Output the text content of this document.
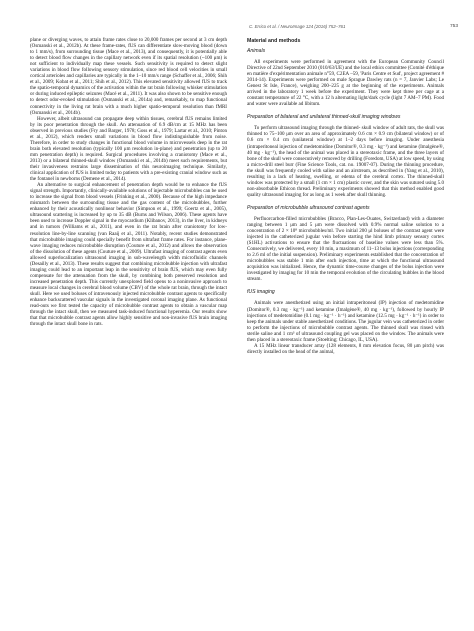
C. Errico et al. / NeuroImage 124 (2016) 752–761	753

plane or diverging waves, to attain frame rates close to 20,000 frames per second at 3 cm depth (Osmanski et al., 2012b). At these frame-rates, fUS can differentiate slow-moving blood (down to 1 mm/s), from surrounding tissue (Mace et al., 2013), and consequently, it is potentially able to detect blood flow changes in the capillary network even if its spatial resolution (~100 μm) is not sufficient to individually map these vessels. Such sensitivity is required to detect slight variations in blood flow following sensory stimulation, since red blood cell velocities in small cortical arterioles and capillaries are typically in the 1–10 mm/s range (Schaffer et al., 2006; Shih et al., 2009; Kobat et al., 2011; Shih et al., 2012). This elevated sensitivity allowed fUS to track the spatio-temporal dynamics of the activation within the rat brain following whisker stimulation or during induced epileptic seizures (Macé et al., 2011). It was also shown to be sensitive enough to detect odor-evoked stimulation (Osmanski et al., 2014a) and, remarkably, to map functional connectivity in the living rat brain with a much higher spatio-temporal resolution than fMRI (Osmanski et al., 2014b).

However, albeit ultrasound can propagate deep within tissues, cerebral fUS remains limited by its poor penetration through the skull. An attenuation of 6.9 dB/cm at 15 MHz has been observed in previous studies (Fry and Barger, 1978; Goss et al., 1979; Lartar et al., 2010; Pinton et al., 2012), which renders small variations in blood flow indistinguishable from noise. Therefore, in order to study changes in functional blood volume in microvessels deep in the rat brain both elevated resolution (typically 100 μm resolution in-plane) and penetration (up to 20 mm penetration depth) is required. Surgical procedures involving a craniotomy (Mace et al., 2013) or a bilateral thinned-skull window (Osmanski et al., 2014b) meet such requirements, but their invasiveness restrains large dissemination of this neuroimaging technique. Similarly, clinical application of fUS is limited today to patients with a pre-existing cranial window such as the fontanel in newborns (Demene et al., 2014).

An alternative to surgical enhancement of penetration depth would be to enhance the fUS signal strength. Importantly, clinically-available solutions of injectable microbubbles can be used to increase the signal from blood vessels (Frinking et al., 2000). Because of the high impedance mismatch between the surrounding tissue and the gas content of the microbubbles, further enhanced by their acoustically nonlinear behavior (Simpson et al., 1999; Goertz et al., 2005), ultrasound scattering is increased by up to 35 dB (Burns and Wilson, 2006). These agents have been used to increase Doppler signal in the myocardium (Klibanov, 2013), in the liver, in kidneys and in tumors (Williams et al., 2011), and even in the rat brain after craniotomy for low-resolution line-by-line scanning (van Raaij et al., 2011). Notably, recent studies demonstrated that microbubble imaging could specially benefit from ultrafast frame rates. For instance, plane-wave imaging reduces microbubble disruption (Couture et al., 2012) and allows the observation of the dissolution of these agents (Couture et al., 2009). Ultrafast imaging of contrast agents even allowed superlocalization ultrasound imaging in sub-wavelength width microfluidic channels (Desailly et al., 2013). These results suggest that combining microbubble injection with ultrafast imaging could lead to an important leap in the sensitivity of brain fUS, which may even fully compensate for the attenuation from the skull, by combining both preserved resolution and increased penetration depth. This currently unexplored field opens to a noninvasive approach to measure local changes in cerebral blood volume (CBV) of the whole rat brain, through the intact skull. Here we used boluses of intravenously injected microbubble contrast agents to specifically enhance backscattered vascular signals in the investigated coronal imaging plane. As functional read-outs we first tested the capacity of microbubble contrast agents to obtain a vascular map through the intact skull, then we measured task-induced functional hyperemia. Our results show that that microbubble contrast agents allow highly sensitive and non-invasive fUS brain imaging through the intact skull bone in rats.

Material and methods
Animals

All experiments were performed in agreement with the European Community Council Directive of 22nd September 2010 (010/63/UE) and the local ethics committee (Comité d'éthique en matière d'expérimentation animale n°59, C2EA –59, 'Paris Centre et Sud', project agreement # 2014-14). Experiments were performed on male Sprague Dawley rats (n = 7, Janvier Labs; Le Genest St Isle, France), weighing 200–225 g at the beginning of the experiments. Animals arrived in the laboratory 1 week before the experiment. They were kept three per cage at a constant temperature of 22 °C, with a 12 h alternating light/dark cycle (light 7 AM–7 PM). Food and water were available ad libitum.

Preparation of bilateral and unilateral thinned-skull imaging windows

To perform ultrasound imaging through the thinned- skull window of adult rats, the skull was thinned to 75–100 μm over an area of approximately 0.6 cm × 0.9 cm (bilateral window) or of 0.6 cm × 0.4 cm (unilateral window) at 1–2 days before imaging. Under anesthesia (intraperitoneal injection of medetomidine (Domitor®, 0.3 mg · kg⁻¹) and ketamine (Imalgène®, 40 mg · kg⁻¹), the head of the animal was placed in a stereotaxic frame, and the three layers of bone of the skull were consecutively removed by drilling (Foredom, USA) at low speed, by using a micro-drill steel burr (Fine Science Tools, cat. no. 19007-07). During the thinning procedure, the skull was frequently cooled with saline and an airstream, as described in (Yang et al., 2010), resulting in a lack of heating, swelling, or edema of the cerebral cortex. The thinned-skull window was protected by a small (1 cm × 1 cm) plastic cover, and the skin was sutured using 5.0 non-absorbable Ethicon thread. Preliminary experiments showed that this method enabled good quality ultrasound imaging for as long as 1 week after skull thinning.

Preparation of microbubble ultrasound contrast agents

Perfluorcarbon-filled microbubbles (Bracco, Plan-Les-Ouates, Switzerland) with a diameter ranging between 1 μm and 5 μm were dissolved with 0.9% normal saline solution to a concentration of 2 × 10⁸ microbubbles/ml. Two initial 200 μl boluses of the contrast agent were injected in the catheterized jugular vein before starting the hind limb primary sensory cortex (S1HL) activations to ensure that the fluctuations of baseline values were less than 5%. Consecutively, we delivered, every 10 min, a maximum of 11–13 bolus injections (corresponding to 2.6 ml of the initial suspension). Preliminary experiments established that the concentration of microbubbles was stable 1 min after each injection, time at which the functional ultrasound acquisition was initialized. Hence, the dynamic time-course changes of the bolus injection were investigated by imaging for 10 min the temporal evolution of the circulating bubbles in the blood stream.

fUS imaging

Animals were anesthetized using an initial intraperitoneal (IP) injection of medetomidine (Domitor®, 0.3 mg · kg⁻¹) and ketamine (Imalgène®, 40 mg · kg⁻¹), followed by hourly IP injections of medetomidine (0.1 mg · kg⁻¹ · h⁻¹) and ketamine (12.5 mg · kg⁻¹ · h⁻¹) in order to keep the animals under stable anesthetized conditions. The jugular vein was catheterized in order to perform the injections of microbubble contrast agents. The thinned skull was rinsed with sterile saline and 1 cm³ of ultrasound coupling gel was placed on the window. The animals were then placed in a stereotaxic frame (Stoelting; Chicago, IL, USA).

A 15 MHz linear transducer array (128 elements, 8 mm elevation focus, 80 μm pitch) was directly installed on the head of the animal,
